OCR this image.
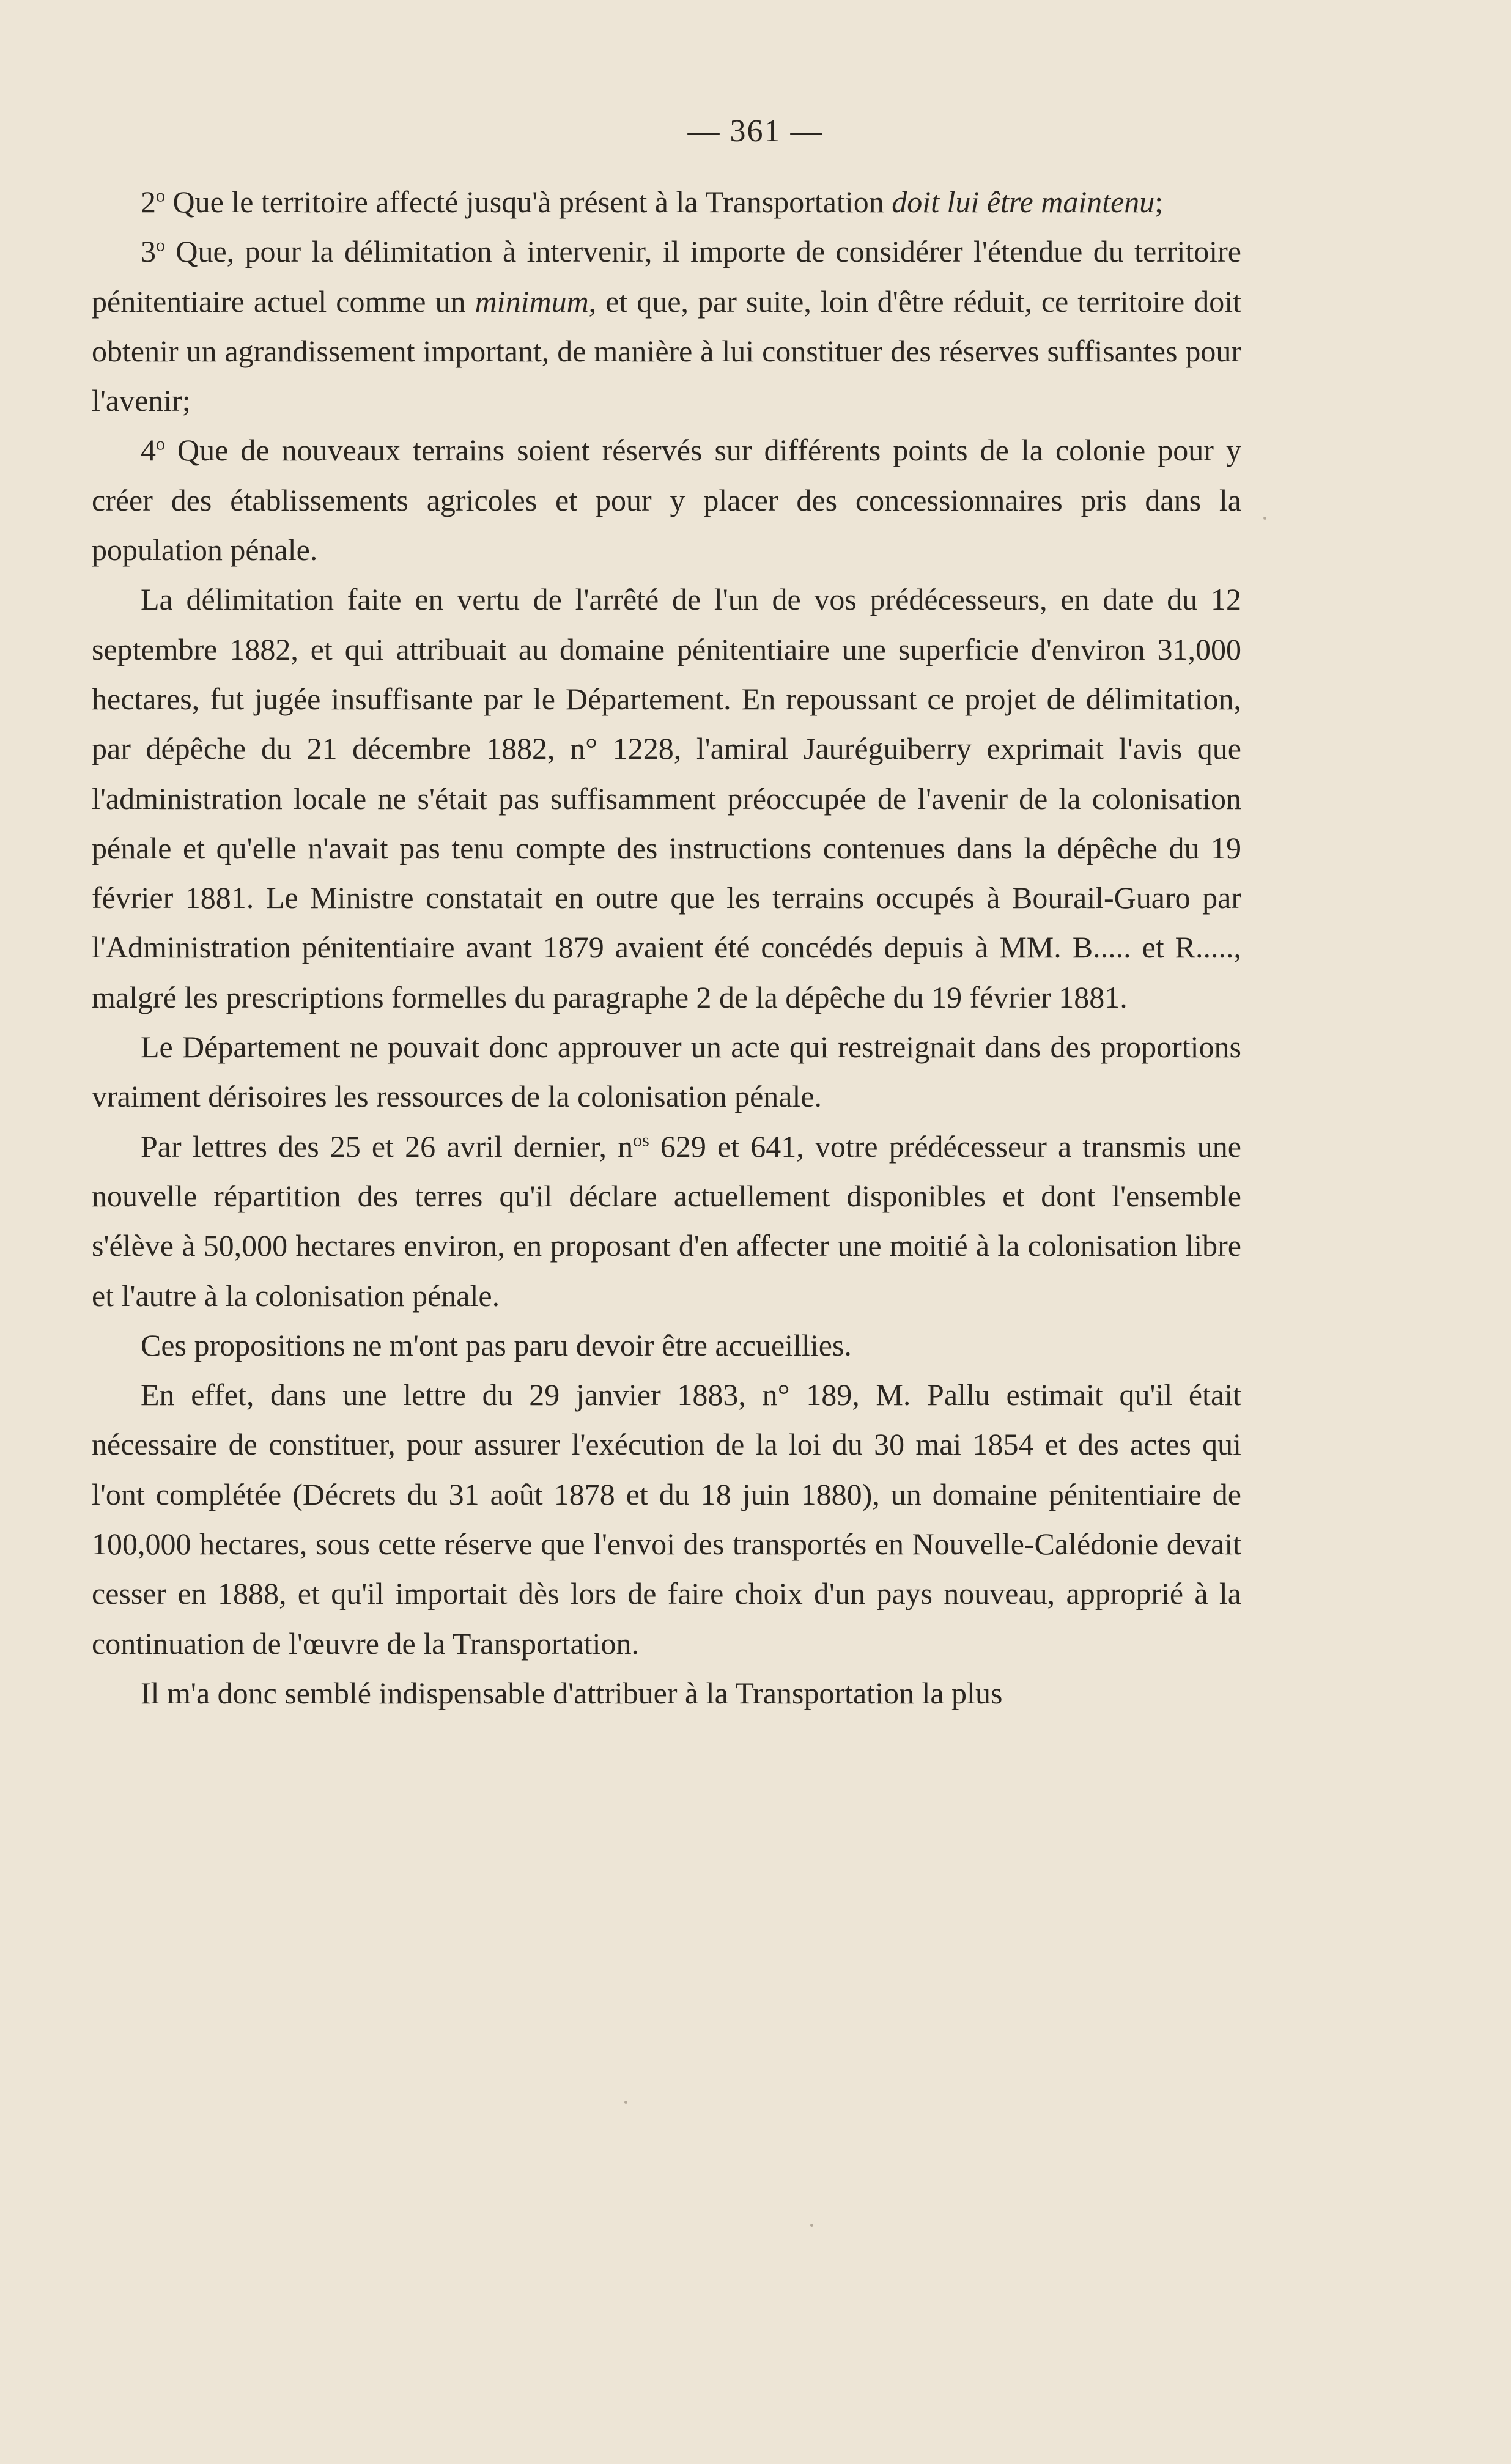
— 361 —

2$^o$ Que le territoire affecté jusqu'à présent à la Transportation doit lui être maintenu;

3$^o$ Que, pour la délimitation à intervenir, il importe de considérer l'étendue du territoire pénitentiaire actuel comme un minimum, et que, par suite, loin d'être réduit, ce territoire doit obtenir un agrandissement important, de manière à lui constituer des réserves suffisantes pour l'avenir;

4$^o$ Que de nouveaux terrains soient réservés sur différents points de la colonie pour y créer des établissements agricoles et pour y placer des concessionnaires pris dans la population pénale.

La délimitation faite en vertu de l'arrêté de l'un de vos prédécesseurs, en date du 12 septembre 1882, et qui attribuait au domaine pénitentiaire une superficie d'environ 31,000 hectares, fut jugée insuffisante par le Département. En repoussant ce projet de délimitation, par dépêche du 21 décembre 1882, n° 1228, l'amiral Jauréguiberry exprimait l'avis que l'administration locale ne s'était pas suffisamment préoccupée de l'avenir de la colonisation pénale et qu'elle n'avait pas tenu compte des instructions contenues dans la dépêche du 19 février 1881. Le Ministre constatait en outre que les terrains occupés à Bourail-Guaro par l'Administration pénitentiaire avant 1879 avaient été concédés depuis à MM. B..... et R....., malgré les prescriptions formelles du paragraphe 2 de la dépêche du 19 février 1881.

Le Département ne pouvait donc approuver un acte qui restreignait dans des proportions vraiment dérisoires les ressources de la colonisation pénale.

Par lettres des 25 et 26 avril dernier, $n^{os}$ 629 et 641, votre prédécesseur a transmis une nouvelle répartition des terres qu'il déclare actuellement disponibles et dont l'ensemble s'élève à 50,000 hectares environ, en proposant d'en affecter une moitié à la colonisation libre et l'autre à la colonisation pénale.

Ces propositions ne m'ont pas paru devoir être accueillies.

En effet, dans une lettre du 29 janvier 1883, n° 189, M. Pallu estimait qu'il était nécessaire de constituer, pour assurer l'exécution de la loi du 30 mai 1854 et des actes qui l'ont complétée (Décrets du 31 août 1878 et du 18 juin 1880), un domaine pénitentiaire de 100,000 hectares, sous cette réserve que l'envoi des transportés en Nouvelle-Calédonie devait cesser en 1888, et qu'il importait dès lors de faire choix d'un pays nouveau, approprié à la continuation de l'œuvre de la Transportation.

Il m'a donc semblé indispensable d'attribuer à la Transportation la plus
